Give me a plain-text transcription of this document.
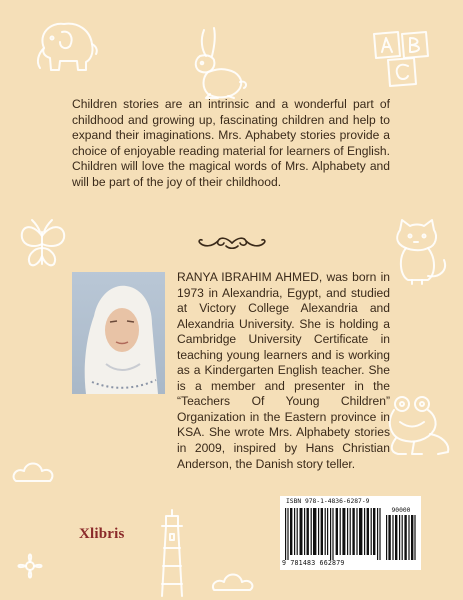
Children stories are an intrinsic and a wonderful part of childhood and growing up, fascinating children and help to expand their imaginations. Mrs. Aphabety stories provide a choice of enjoyable reading material for learners of English. Children will love the magical words of Mrs. Alphabety and will be part of the joy of their childhood.

RANYA IBRAHIM AHMED, was born in 1973 in Alexandria, Egypt, and studied at Victory College Alexandria and Alexandria University. She is holding a Cambridge University Certificate in teaching young learners and is working as a Kindergarten English teacher. She is a member and presenter in the “Teachers Of Young Children” Organization in the Eastern province in KSA. She wrote Mrs. Alphabety stories in 2009, inspired by Hans Christian Anderson, the Danish story teller.

Xlibris
ISBN 978-1-4836-6287-9
90000
9 781483 662879
